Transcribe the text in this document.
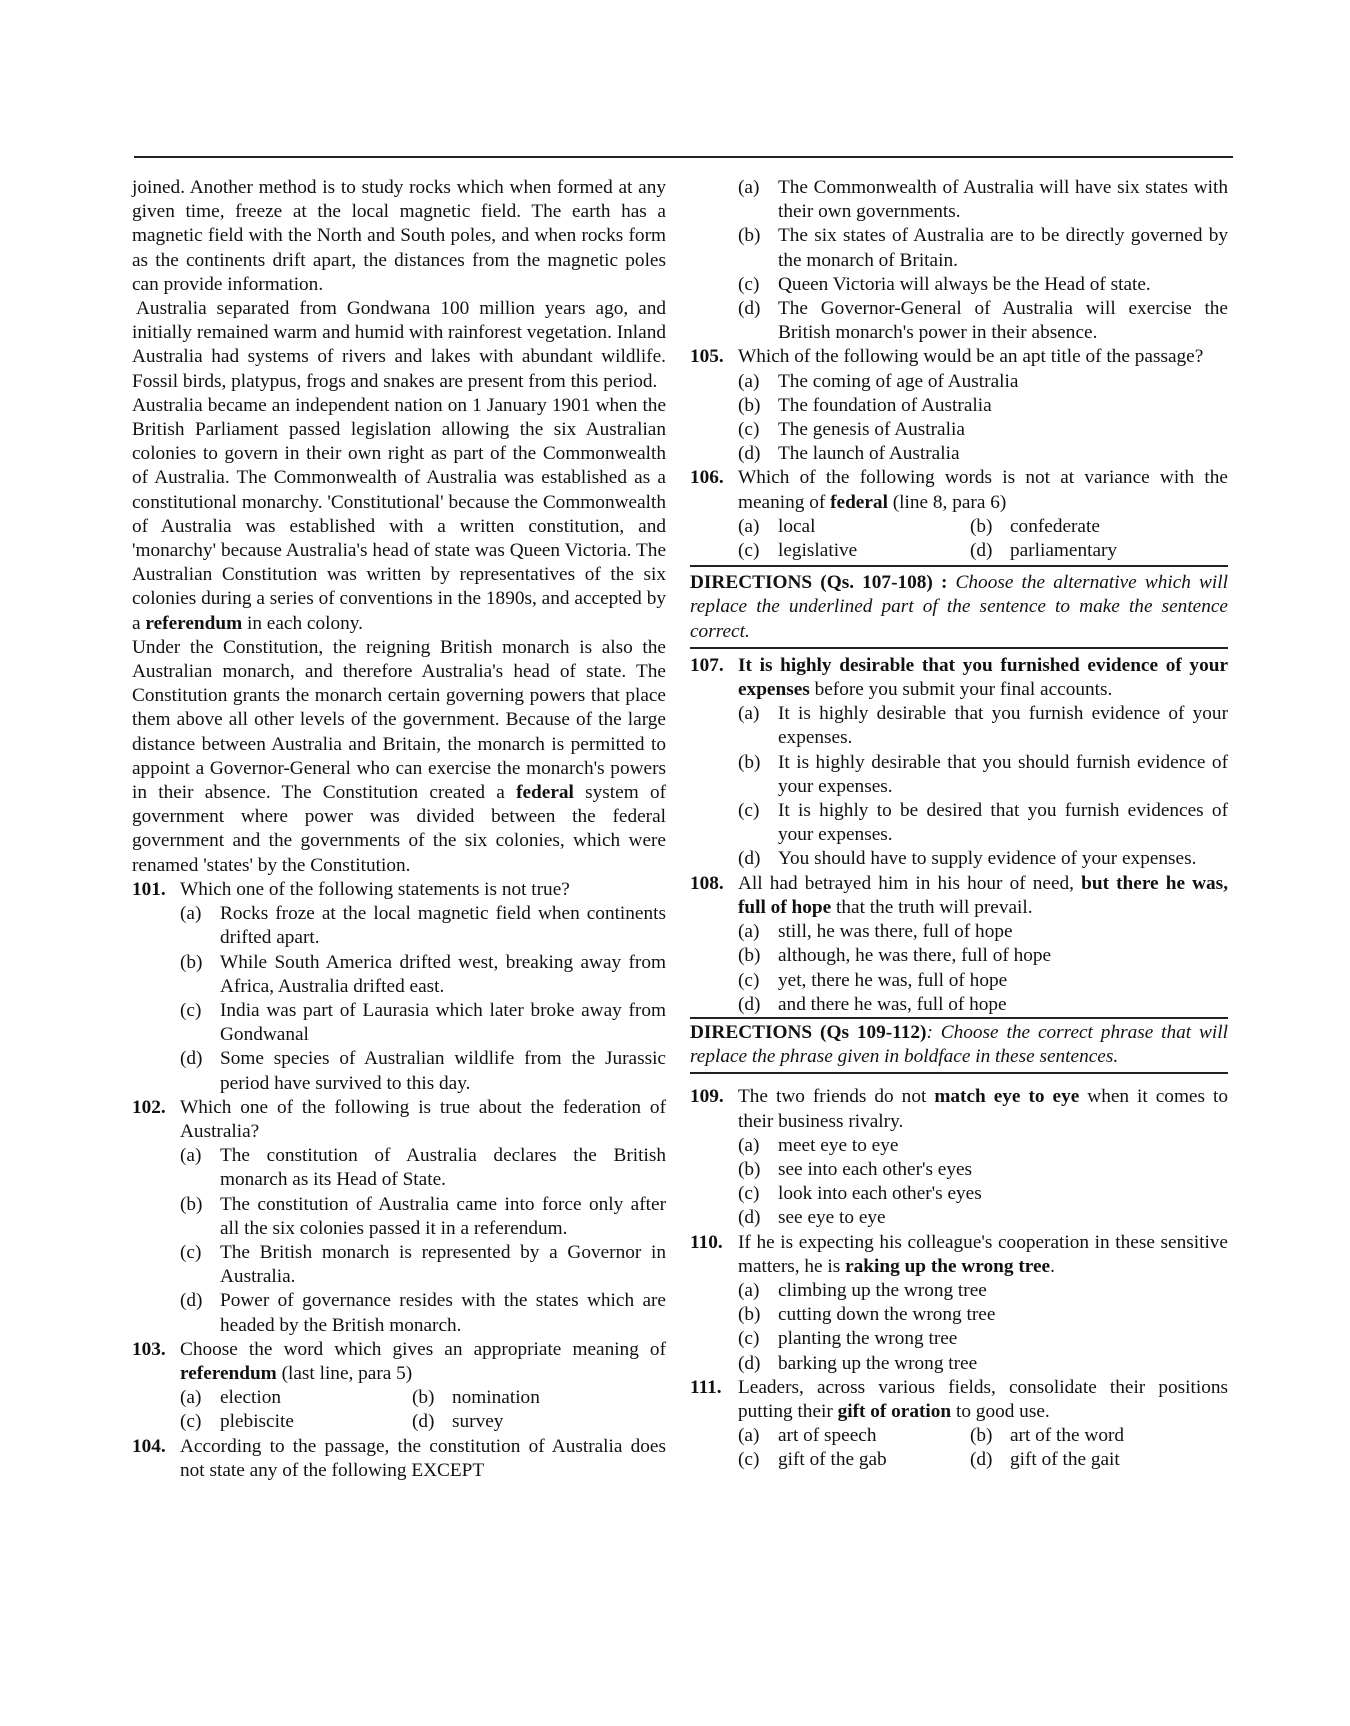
joined. Another method is to study rocks which when formed at any given time, freeze at the local magnetic field. The earth has a magnetic field with the North and South poles, and when rocks form as the continents drift apart, the distances from the magnetic poles can provide information.

Australia separated from Gondwana 100 million years ago, and initially remained warm and humid with rainforest vegetation. Inland Australia had systems of rivers and lakes with abundant wildlife. Fossil birds, platypus, frogs and snakes are present from this period.

Australia became an independent nation on 1 January 1901 when the British Parliament passed legislation allowing the six Australian colonies to govern in their own right as part of the Commonwealth of Australia. The Commonwealth of Australia was established as a constitutional monarchy. 'Constitutional' because the Commonwealth of Australia was established with a written constitution, and 'monarchy' because Australia's head of state was Queen Victoria. The Australian Constitution was written by representatives of the six colonies during a series of conventions in the 1890s, and accepted by a referendum in each colony.

Under the Constitution, the reigning British monarch is also the Australian monarch, and therefore Australia's head of state. The Constitution grants the monarch certain governing powers that place them above all other levels of the government. Because of the large distance between Australia and Britain, the monarch is permitted to appoint a Governor-General who can exercise the monarch's powers in their absence. The Constitution created a federal system of government where power was divided between the federal government and the governments of the six colonies, which were renamed 'states' by the Constitution.

101. Which one of the following statements is not true?
(a) Rocks froze at the local magnetic field when continents drifted apart.
(b) While South America drifted west, breaking away from Africa, Australia drifted east.
(c) India was part of Laurasia which later broke away from Gondwanal
(d) Some species of Australian wildlife from the Jurassic period have survived to this day.
102. Which one of the following is true about the federation of Australia?
(a) The constitution of Australia declares the British monarch as its Head of State.
(b) The constitution of Australia came into force only after all the six colonies passed it in a referendum.
(c) The British monarch is represented by a Governor in Australia.
(d) Power of governance resides with the states which are headed by the British monarch.
103. Choose the word which gives an appropriate meaning of referendum (last line, para 5)
(a) election	(b) nomination
(c) plebiscite	(d) survey
104. According to the passage, the constitution of Australia does not state any of the following EXCEPT
(a) The Commonwealth of Australia will have six states with their own governments.
(b) The six states of Australia are to be directly governed by the monarch of Britain.
(c) Queen Victoria will always be the Head of state.
(d) The Governor-General of Australia will exercise the British monarch's power in their absence.
105. Which of the following would be an apt title of the passage?
(a) The coming of age of Australia
(b) The foundation of Australia
(c) The genesis of Australia
(d) The launch of Australia
106. Which of the following words is not at variance with the meaning of federal (line 8, para 6)
(a) local	(b) confederate
(c) legislative	(d) parliamentary
DIRECTIONS (Qs. 107-108) : Choose the alternative which will replace the underlined part of the sentence to make the sentence correct.
107. It is highly desirable that you furnished evidence of your expenses before you submit your final accounts.
(a) It is highly desirable that you furnish evidence of your expenses.
(b) It is highly desirable that you should furnish evidence of your expenses.
(c) It is highly to be desired that you furnish evidences of your expenses.
(d) You should have to supply evidence of your expenses.
108. All had betrayed him in his hour of need, but there he was, full of hope that the truth will prevail.
(a) still, he was there, full of hope
(b) although, he was there, full of hope
(c) yet, there he was, full of hope
(d) and there he was, full of hope
DIRECTIONS (Qs 109-112): Choose the correct phrase that will replace the phrase given in boldface in these sentences.
109. The two friends do not match eye to eye when it comes to their business rivalry.
(a) meet eye to eye
(b) see into each other's eyes
(c) look into each other's eyes
(d) see eye to eye
110. If he is expecting his colleague's cooperation in these sensitive matters, he is raking up the wrong tree.
(a) climbing up the wrong tree
(b) cutting down the wrong tree
(c) planting the wrong tree
(d) barking up the wrong tree
111. Leaders, across various fields, consolidate their positions putting their gift of oration to good use.
(a) art of speech	(b) art of the word
(c) gift of the gab	(d) gift of the gait
